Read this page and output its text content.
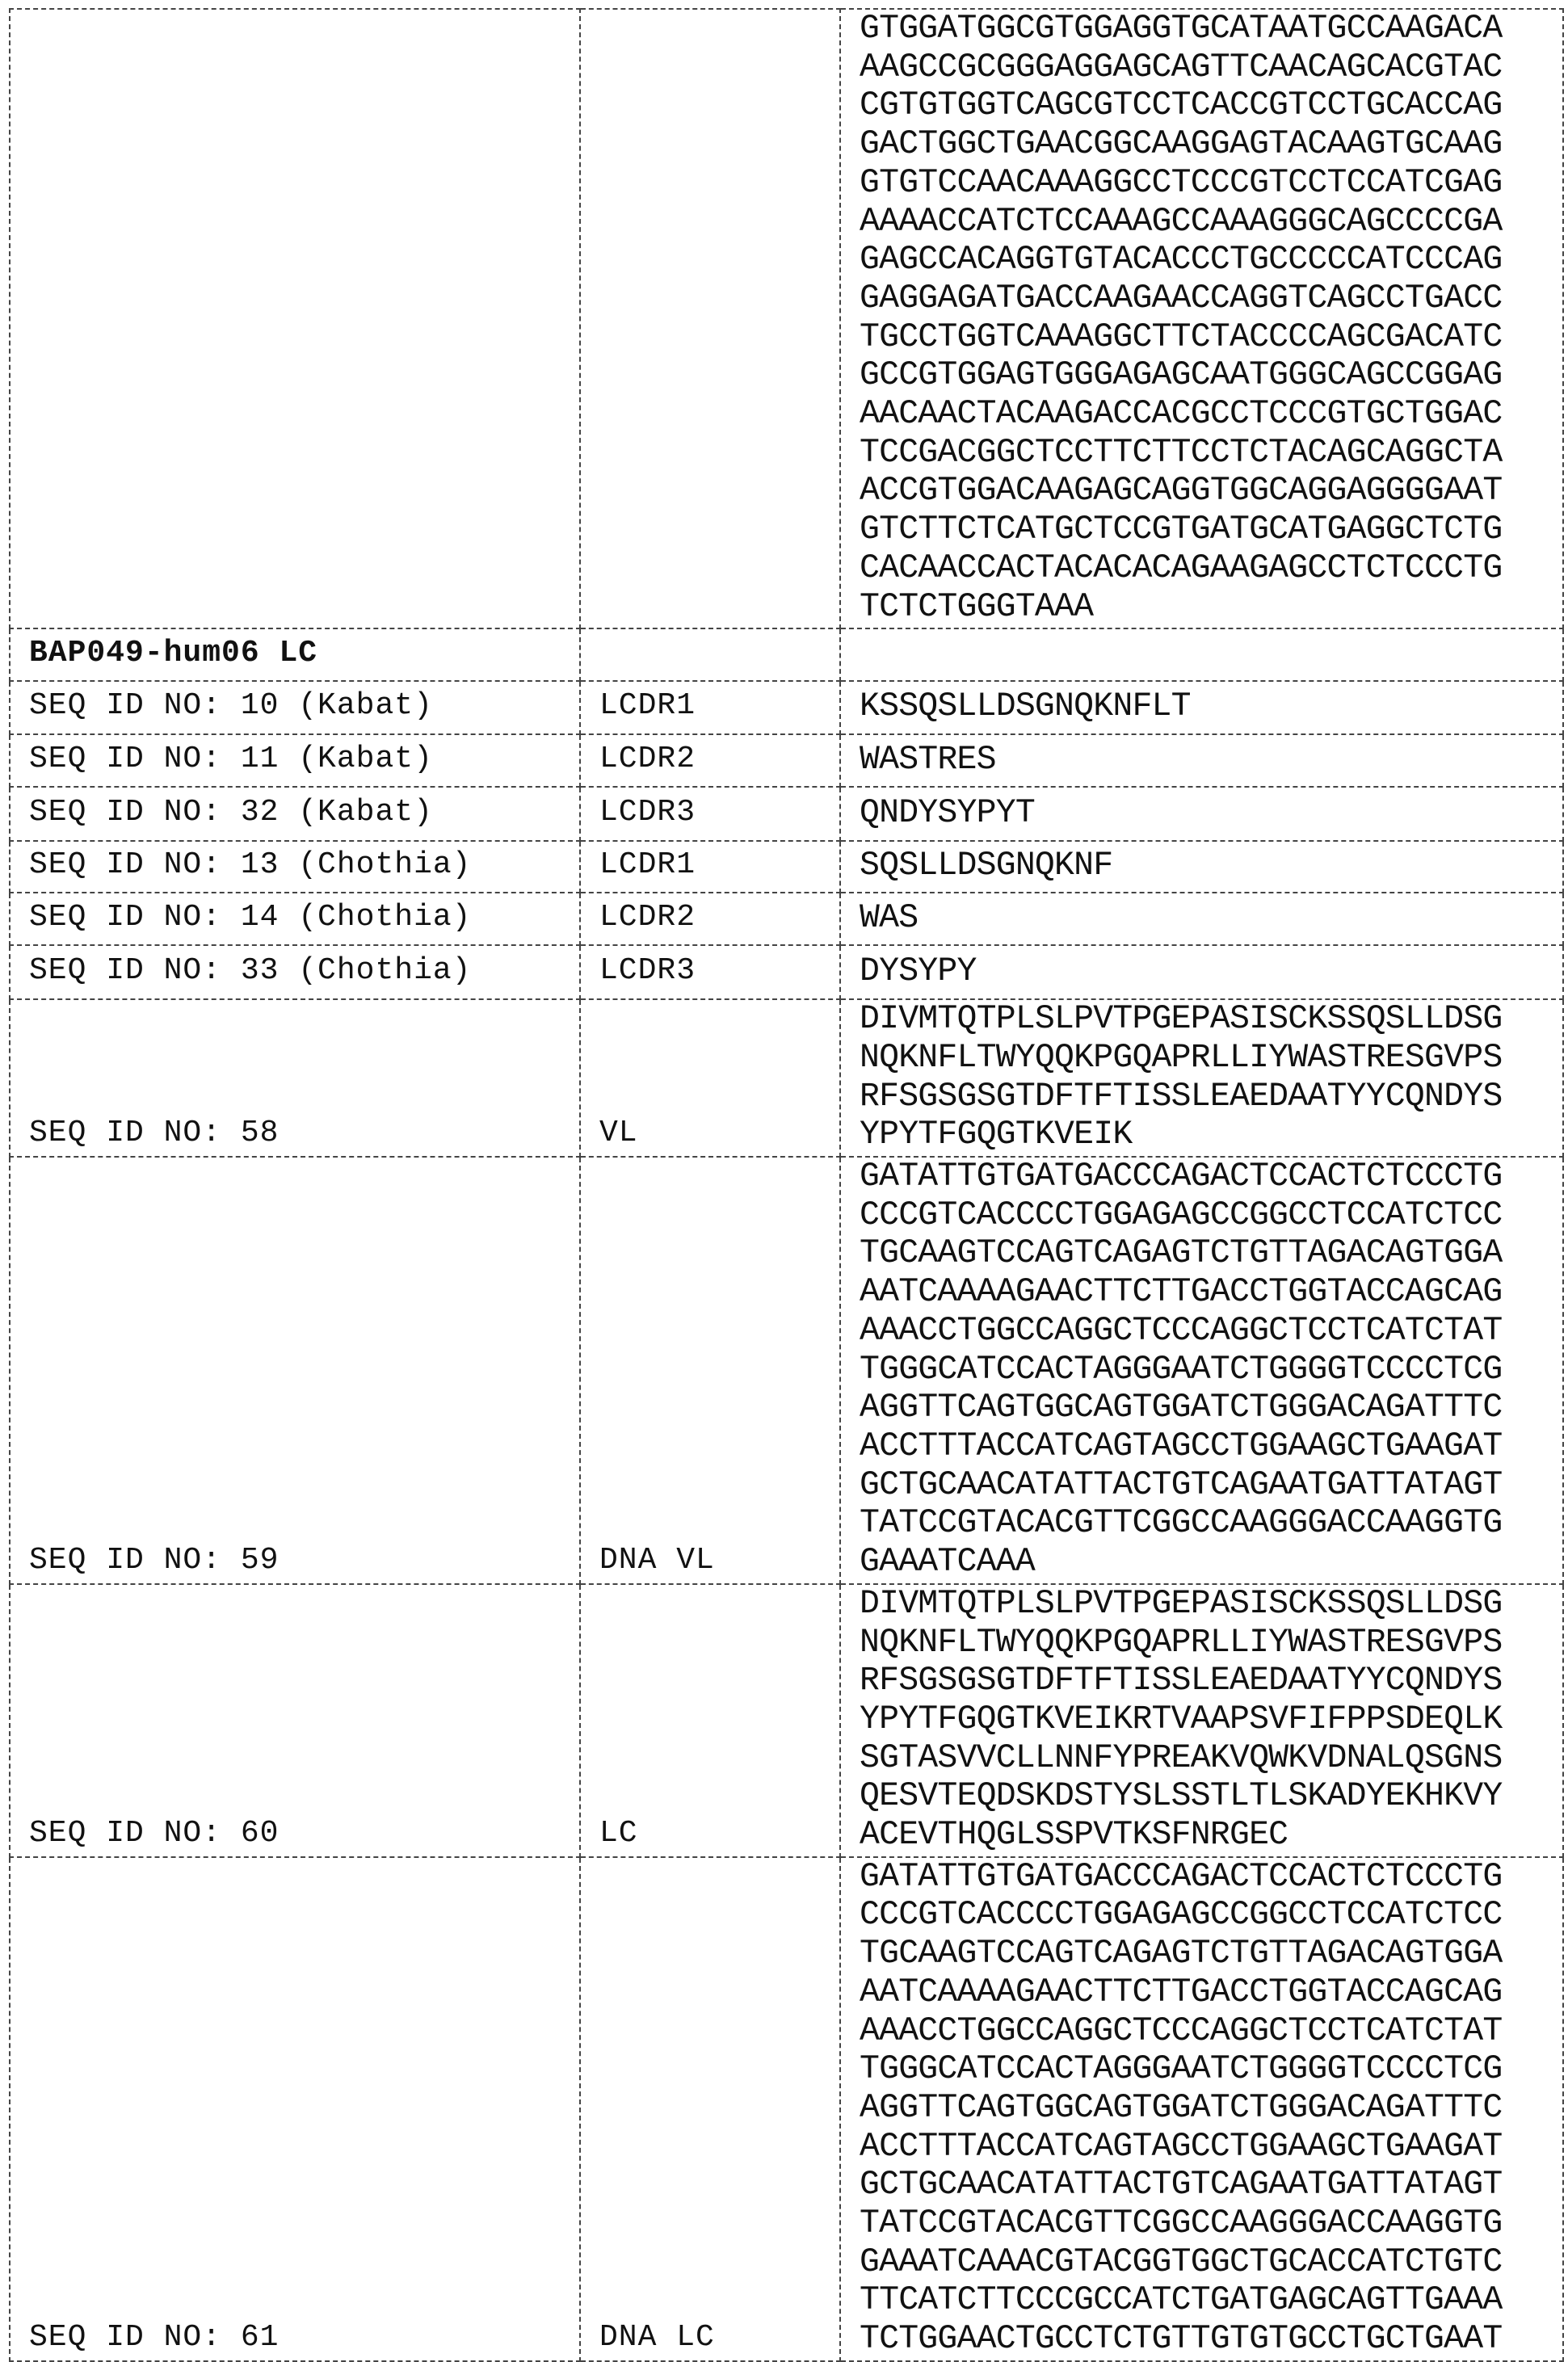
GTGGATGGCGTGGAGGTGCATAATGCCAAGACA
AAGCCGCGGGAGGAGCAGTTCAACAGCACGTAC
CGTGTGGTCAGCGTCCTCACCGTCCTGCACCAG
GACTGGCTGAACGGCAAGGAGTACAAGTGCAAG
GTGTCCAACAAAGGCCTCCCGTCCTCCATCGAG
AAAACCATCTCCAAAGCCAAAGGGCAGCCCCGA
GAGCCACAGGTGTACACCCTGCCCCCATCCCAG
GAGGAGATGACCAAGAACCAGGTCAGCCTGACC
TGCCTGGTCAAAGGCTTCTACCCCAGCGACATC
GCCGTGGAGTGGGAGAGCAATGGGCAGCCGGAG
AACAACTACAAGACCACGCCTCCCGTGCTGGAC
TCCGACGGCTCCTTCTTCCTCTACAGCAGGCTA
ACCGTGGACAAGAGCAGGTGGCAGGAGGGGAAT
GTCTTCTCATGCTCCGTGATGCATGAGGCTCTG
CACAACCACTACACACAGAAGAGCCTCTCCCTG
TCTCTGGGTAAA

BAP049-hum06 LC		
SEQ ID NO: 10 (Kabat)	LCDR1	KSSQSLLDSGNQKNFLT

SEQ ID NO: 11 (Kabat)	LCDR2	WASTRES

SEQ ID NO: 32 (Kabat)	LCDR3	QNDYSYPYT

SEQ ID NO: 13 (Chothia)	LCDR1	SQSLLDSGNQKNF

SEQ ID NO: 14 (Chothia)	LCDR2	WAS

SEQ ID NO: 33 (Chothia)	LCDR3	DYSYPY

SEQ ID NO: 58	VL	
DIVMTQTPLSLPVTPGEPASISCKSSQSLLDSG
NQKNFLTWYQQKPGQAPRLLIYWASTRESGVPS
RFSGSGSGTDFTFTISSLEAEDAATYYCQNDYS
YPYTFGQGTKVEIK

SEQ ID NO: 59	DNA VL	
GATATTGTGATGACCCAGACTCCACTCTCCCTG
CCCGTCACCCCTGGAGAGCCGGCCTCCATCTCC
TGCAAGTCCAGTCAGAGTCTGTTAGACAGTGGA
AATCAAAAGAACTTCTTGACCTGGTACCAGCAG
AAACCTGGCCAGGCTCCCAGGCTCCTCATCTAT
TGGGCATCCACTAGGGAATCTGGGGTCCCCTCG
AGGTTCAGTGGCAGTGGATCTGGGACAGATTTC
ACCTTTACCATCAGTAGCCTGGAAGCTGAAGAT
GCTGCAACATATTACTGTCAGAATGATTATAGT
TATCCGTACACGTTCGGCCAAGGGACCAAGGTG
GAAATCAAA

SEQ ID NO: 60	LC	
DIVMTQTPLSLPVTPGEPASISCKSSQSLLDSG
NQKNFLTWYQQKPGQAPRLLIYWASTRESGVPS
RFSGSGSGTDFTFTISSLEAEDAATYYCQNDYS
YPYTFGQGTKVEIKRTVAAPSVFIFPPSDEQLK
SGTASVVCLLNNFYPREAKVQWKVDNALQSGNS
QESVTEQDSKDSTYSLSSTLTLSKADYEKHKVY
ACEVTHQGLSSPVTKSFNRGEC

SEQ ID NO: 61	DNA LC	
GATATTGTGATGACCCAGACTCCACTCTCCCTG
CCCGTCACCCCTGGAGAGCCGGCCTCCATCTCC
TGCAAGTCCAGTCAGAGTCTGTTAGACAGTGGA
AATCAAAAGAACTTCTTGACCTGGTACCAGCAG
AAACCTGGCCAGGCTCCCAGGCTCCTCATCTAT
TGGGCATCCACTAGGGAATCTGGGGTCCCCTCG
AGGTTCAGTGGCAGTGGATCTGGGACAGATTTC
ACCTTTACCATCAGTAGCCTGGAAGCTGAAGAT
GCTGCAACATATTACTGTCAGAATGATTATAGT
TATCCGTACACGTTCGGCCAAGGGACCAAGGTG
GAAATCAAACGTACGGTGGCTGCACCATCTGTC
TTCATCTTCCCGCCATCTGATGAGCAGTTGAAA
TCTGGAACTGCCTCTGTTGTGTGCCTGCTGAAT
